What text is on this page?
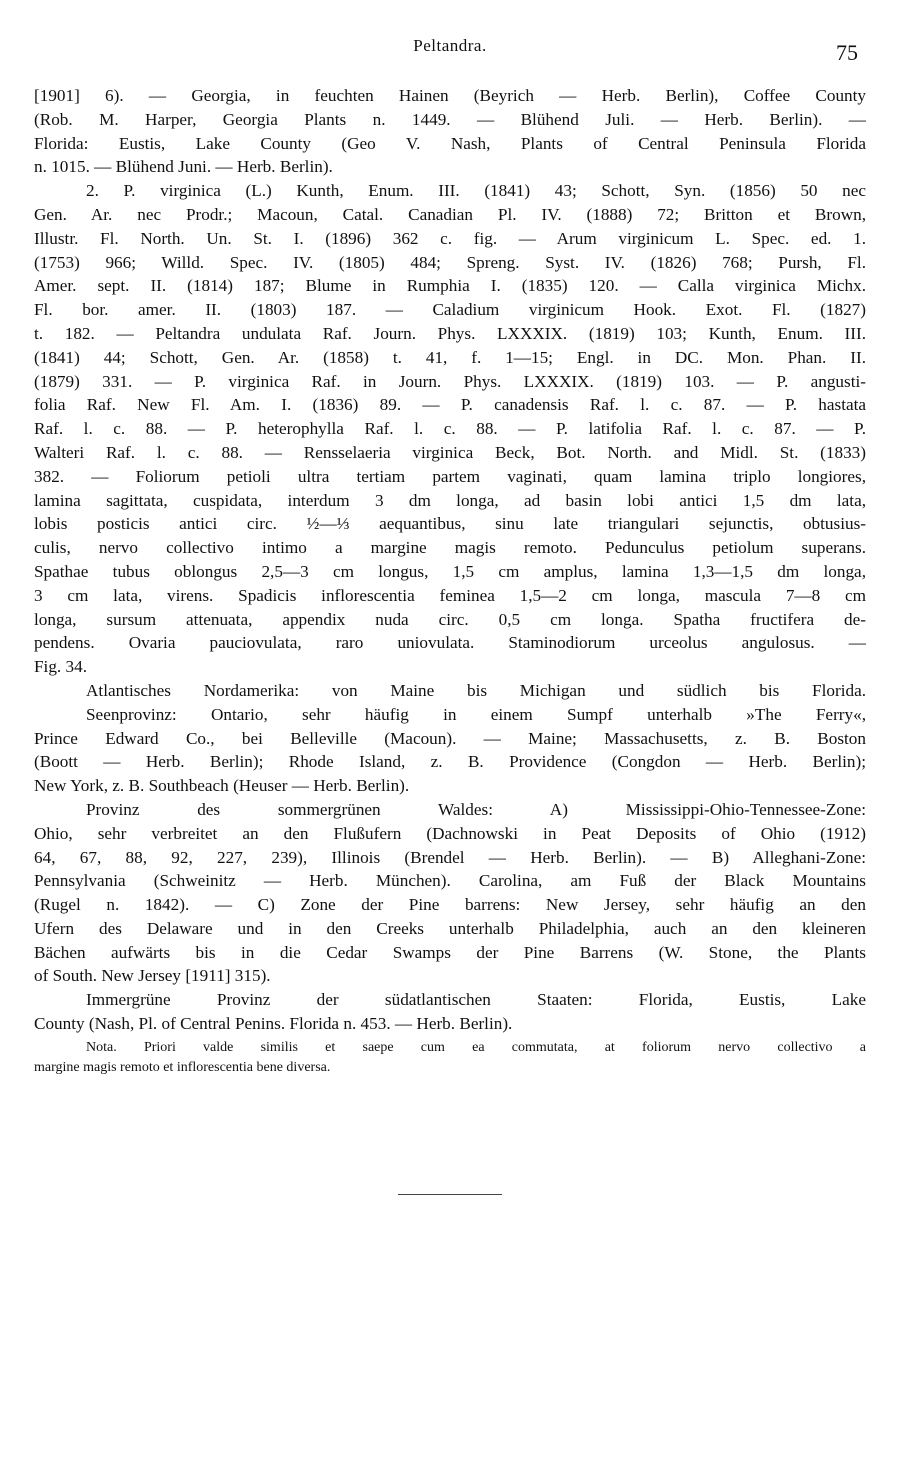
Peltandra.	75
[1901] 6). — Georgia, in feuchten Hainen (Beyrich — Herb. Berlin), Coffee County
(Rob. M. Harper, Georgia Plants n. 1449. — Blühend Juli. — Herb. Berlin). —
Florida: Eustis, Lake County (Geo V. Nash, Plants of Central Peninsula Florida
n. 1015. — Blühend Juni. — Herb. Berlin).
2. P. virginica (L.) Kunth, Enum. III. (1841) 43; Schott, Syn. (1856) 50 nec
Gen. Ar. nec Prodr.; Macoun, Catal. Canadian Pl. IV. (1888) 72; Britton et Brown,
Illustr. Fl. North. Un. St. I. (1896) 362 c. fig. — Arum virginicum L. Spec. ed. 1.
(1753) 966; Willd. Spec. IV. (1805) 484; Spreng. Syst. IV. (1826) 768; Pursh, Fl.
Amer. sept. II. (1814) 187; Blume in Rumphia I. (1835) 120. — Calla virginica Michx.
Fl. bor. amer. II. (1803) 187. — Caladium virginicum Hook. Exot. Fl. (1827)
t. 182. — Peltandra undulata Raf. Journ. Phys. LXXXIX. (1819) 103; Kunth, Enum. III.
(1841) 44; Schott, Gen. Ar. (1858) t. 41, f. 1—15; Engl. in DC. Mon. Phan. II.
(1879) 331. — P. virginica Raf. in Journ. Phys. LXXXIX. (1819) 103. — P. angusti-
folia Raf. New Fl. Am. I. (1836) 89. — P. canadensis Raf. l. c. 87. — P. hastata
Raf. l. c. 88. — P. heterophylla Raf. l. c. 88. — P. latifolia Raf. l. c. 87. — P.
Walteri Raf. l. c. 88. — Rensselaeria virginica Beck, Bot. North. and Midl. St. (1833)
382. — Foliorum petioli ultra tertiam partem vaginati, quam lamina triplo longiores,
lamina sagittata, cuspidata, interdum 3 dm longa, ad basin lobi antici 1,5 dm lata,
lobis posticis antici circ. ½—⅓ aequantibus, sinu late triangulari sejunctis, obtusius-
culis, nervo collectivo intimo a margine magis remoto. Pedunculus petiolum superans.
Spathae tubus oblongus 2,5—3 cm longus, 1,5 cm amplus, lamina 1,3—1,5 dm longa,
3 cm lata, virens. Spadicis inflorescentia feminea 1,5—2 cm longa, mascula 7—8 cm
longa, sursum attenuata, appendix nuda circ. 0,5 cm longa. Spatha fructifera de-
pendens. Ovaria pauciovulata, raro uniovulata. Staminodiorum urceolus angulosus. —
Fig. 34.
Atlantisches Nordamerika: von Maine bis Michigan und südlich bis Florida.
Seenprovinz: Ontario, sehr häufig in einem Sumpf unterhalb »The Ferry«,
Prince Edward Co., bei Belleville (Macoun). — Maine; Massachusetts, z. B. Boston
(Boott — Herb. Berlin); Rhode Island, z. B. Providence (Congdon — Herb. Berlin);
New York, z. B. Southbeach (Heuser — Herb. Berlin).
Provinz des sommergrünen Waldes: A) Mississippi-Ohio-Tennessee-Zone:
Ohio, sehr verbreitet an den Flußufern (Dachnowski in Peat Deposits of Ohio (1912)
64, 67, 88, 92, 227, 239), Illinois (Brendel — Herb. Berlin). — B) Alleghani-Zone:
Pennsylvania (Schweinitz — Herb. München). Carolina, am Fuß der Black Mountains
(Rugel n. 1842). — C) Zone der Pine barrens: New Jersey, sehr häufig an den
Ufern des Delaware und in den Creeks unterhalb Philadelphia, auch an den kleineren
Bächen aufwärts bis in die Cedar Swamps der Pine Barrens (W. Stone, the Plants
of South. New Jersey [1911] 315).
Immergrüne Provinz der südatlantischen Staaten: Florida, Eustis, Lake
County (Nash, Pl. of Central Penins. Florida n. 453. — Herb. Berlin).
Nota. Priori valde similis et saepe cum ea commutata, at foliorum nervo collectivo a
margine magis remoto et inflorescentia bene diversa.
